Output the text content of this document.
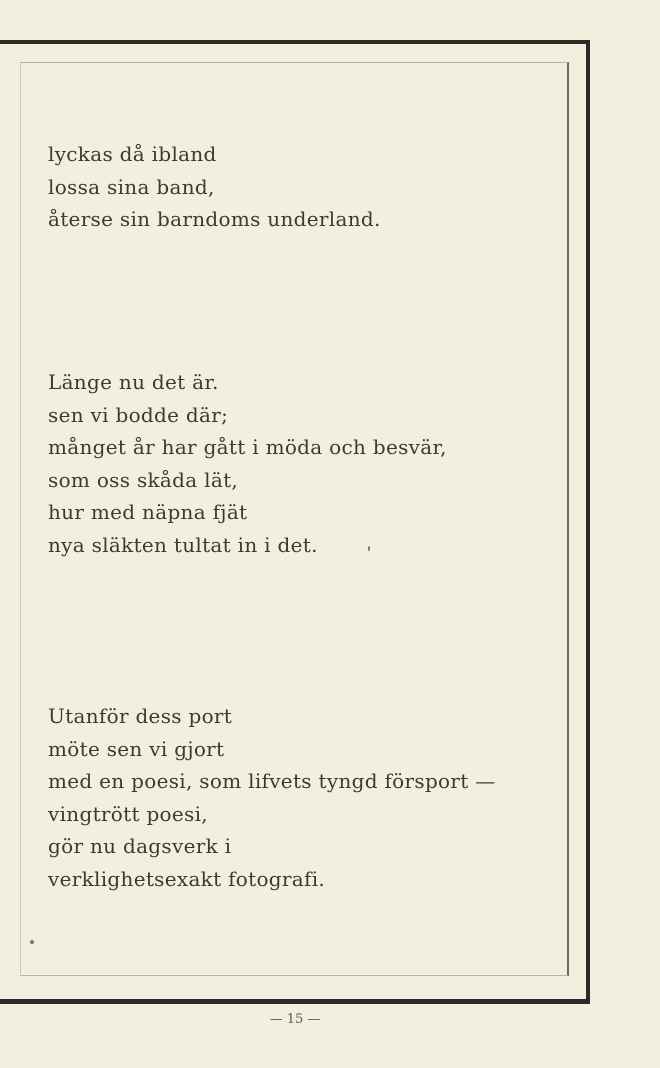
lyckas då ibland
lossa sina band,
återse sin barndoms underland.
Länge nu det är.
sen vi bodde där;
månget år har gått i möda och besvär,
som oss skåda lät,
hur med näpna fjät
nya släkten tultat in i det.
Utanför dess port
möte sen vi gjort
med en poesi, som lifvets tyngd försport —
vingtrött poesi,
gör nu dagsverk i
verklighetsexakt fotografi.
— 15 —
